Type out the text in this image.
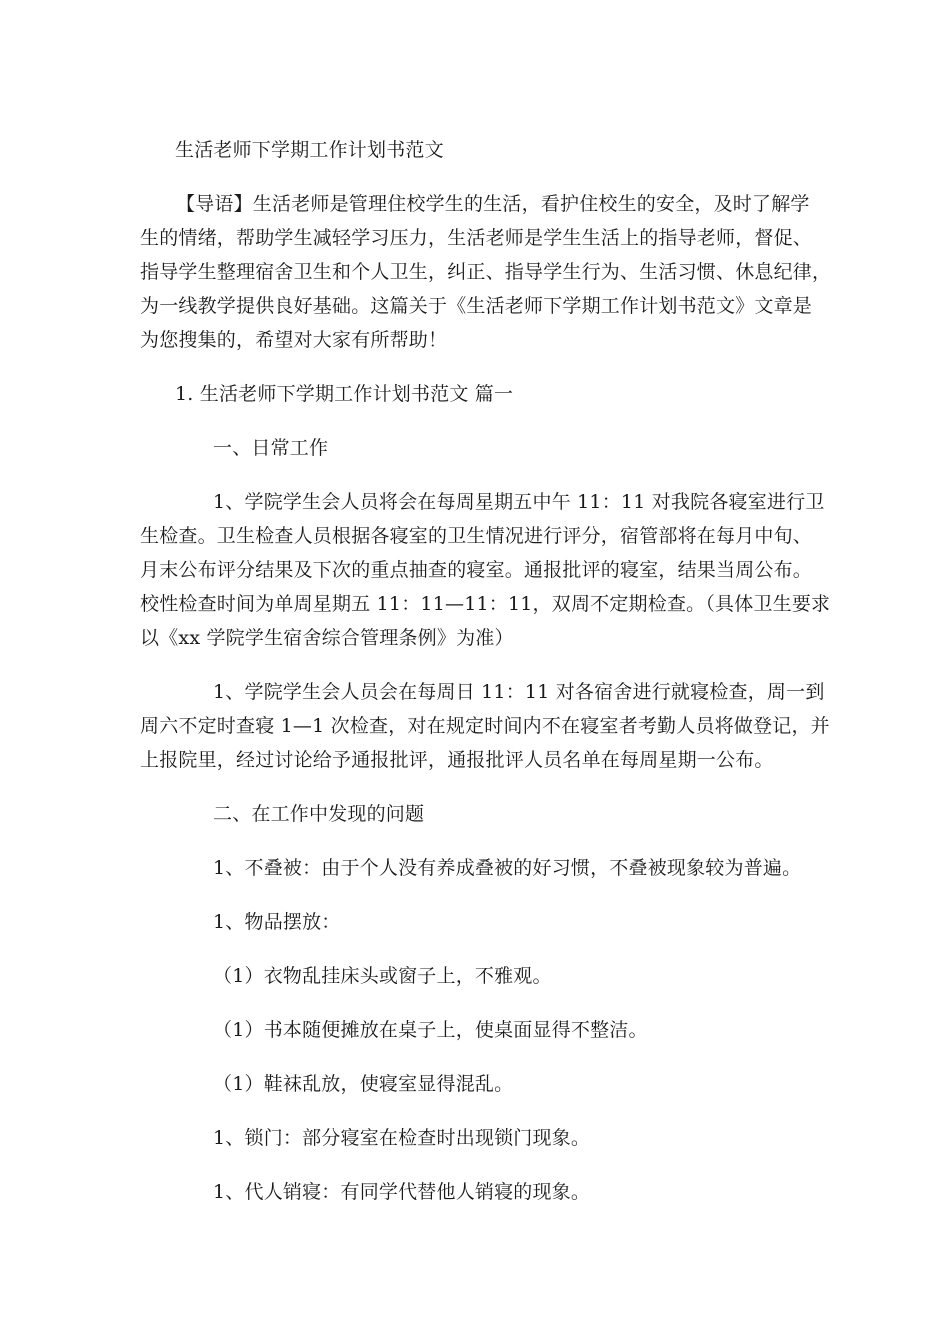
生活老师下学期工作计划书范文
【导语】生活老师是管理住校学生的生活，看护住校生的安全，及时了解学
生的情绪，帮助学生减轻学习压力，生活老师是学生生活上的指导老师，督促、
指导学生整理宿舍卫生和个人卫生，纠正、指导学生行为、生活习惯、休息纪律，
为一线教学提供良好基础。这篇关于《生活老师下学期工作计划书范文》文章是
为您搜集的，希望对大家有所帮助！
1. 生活老师下学期工作计划书范文 篇一
一、日常工作
1、学院学生会人员将会在每周星期五中午 11：11 对我院各寝室进行卫
生检查。卫生检查人员根据各寝室的卫生情况进行评分，宿管部将在每月中旬、
月末公布评分结果及下次的重点抽查的寝室。通报批评的寝室，结果当周公布。
校性检查时间为单周星期五 11：11—11：11，双周不定期检查。（具体卫生要求
以《xx 学院学生宿舍综合管理条例》为准）
1、学院学生会人员会在每周日 11：11 对各宿舍进行就寝检查，周一到
周六不定时查寝 1—1 次检查，对在规定时间内不在寝室者考勤人员将做登记，并
上报院里，经过讨论给予通报批评，通报批评人员名单在每周星期一公布。
二、在工作中发现的问题
1、不叠被：由于个人没有养成叠被的好习惯，不叠被现象较为普遍。
1、物品摆放：
（1）衣物乱挂床头或窗子上，不雅观。
（1）书本随便摊放在桌子上，使桌面显得不整洁。
（1）鞋袜乱放，使寝室显得混乱。
1、锁门：部分寝室在检查时出现锁门现象。
1、代人销寝：有同学代替他人销寝的现象。
